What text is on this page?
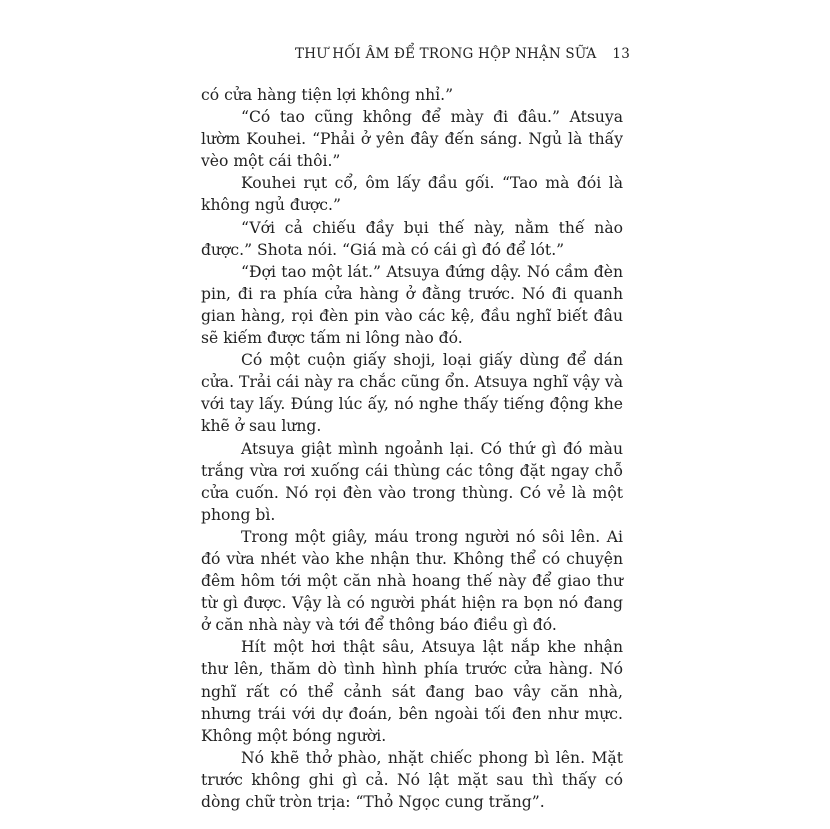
THƯ HỐI ÂM ĐỂ TRONG HỘP NHẬN SỮA 13

có cửa hàng tiện lợi không nhỉ.”

“Có tao cũng không để mày đi đâu.” Atsuya lườm Kouhei. “Phải ở yên đây đến sáng. Ngủ là thấy vèo một cái thôi.”

Kouhei rụt cổ, ôm lấy đầu gối. “Tao mà đói là không ngủ được.”

“Với cả chiếu đầy bụi thế này, nằm thế nào được.” Shota nói. “Giá mà có cái gì đó để lót.”

“Đợi tao một lát.” Atsuya đứng dậy. Nó cầm đèn pin, đi ra phía cửa hàng ở đằng trước. Nó đi quanh gian hàng, rọi đèn pin vào các kệ, đầu nghĩ biết đâu sẽ kiếm được tấm ni lông nào đó.

Có một cuộn giấy shoji, loại giấy dùng để dán cửa. Trải cái này ra chắc cũng ổn. Atsuya nghĩ vậy và với tay lấy. Đúng lúc ấy, nó nghe thấy tiếng động khe khẽ ở sau lưng.

Atsuya giật mình ngoảnh lại. Có thứ gì đó màu trắng vừa rơi xuống cái thùng các tông đặt ngay chỗ cửa cuốn. Nó rọi đèn vào trong thùng. Có vẻ là một phong bì.

Trong một giây, máu trong người nó sôi lên. Ai đó vừa nhét vào khe nhận thư. Không thể có chuyện đêm hôm tới một căn nhà hoang thế này để giao thư từ gì được. Vậy là có người phát hiện ra bọn nó đang ở căn nhà này và tới để thông báo điều gì đó.

Hít một hơi thật sâu, Atsuya lật nắp khe nhận thư lên, thăm dò tình hình phía trước cửa hàng. Nó nghĩ rất có thể cảnh sát đang bao vây căn nhà, nhưng trái với dự đoán, bên ngoài tối đen như mực. Không một bóng người.

Nó khẽ thở phào, nhặt chiếc phong bì lên. Mặt trước không ghi gì cả. Nó lật mặt sau thì thấy có dòng chữ tròn trịa: “Thỏ Ngọc cung trăng”.
